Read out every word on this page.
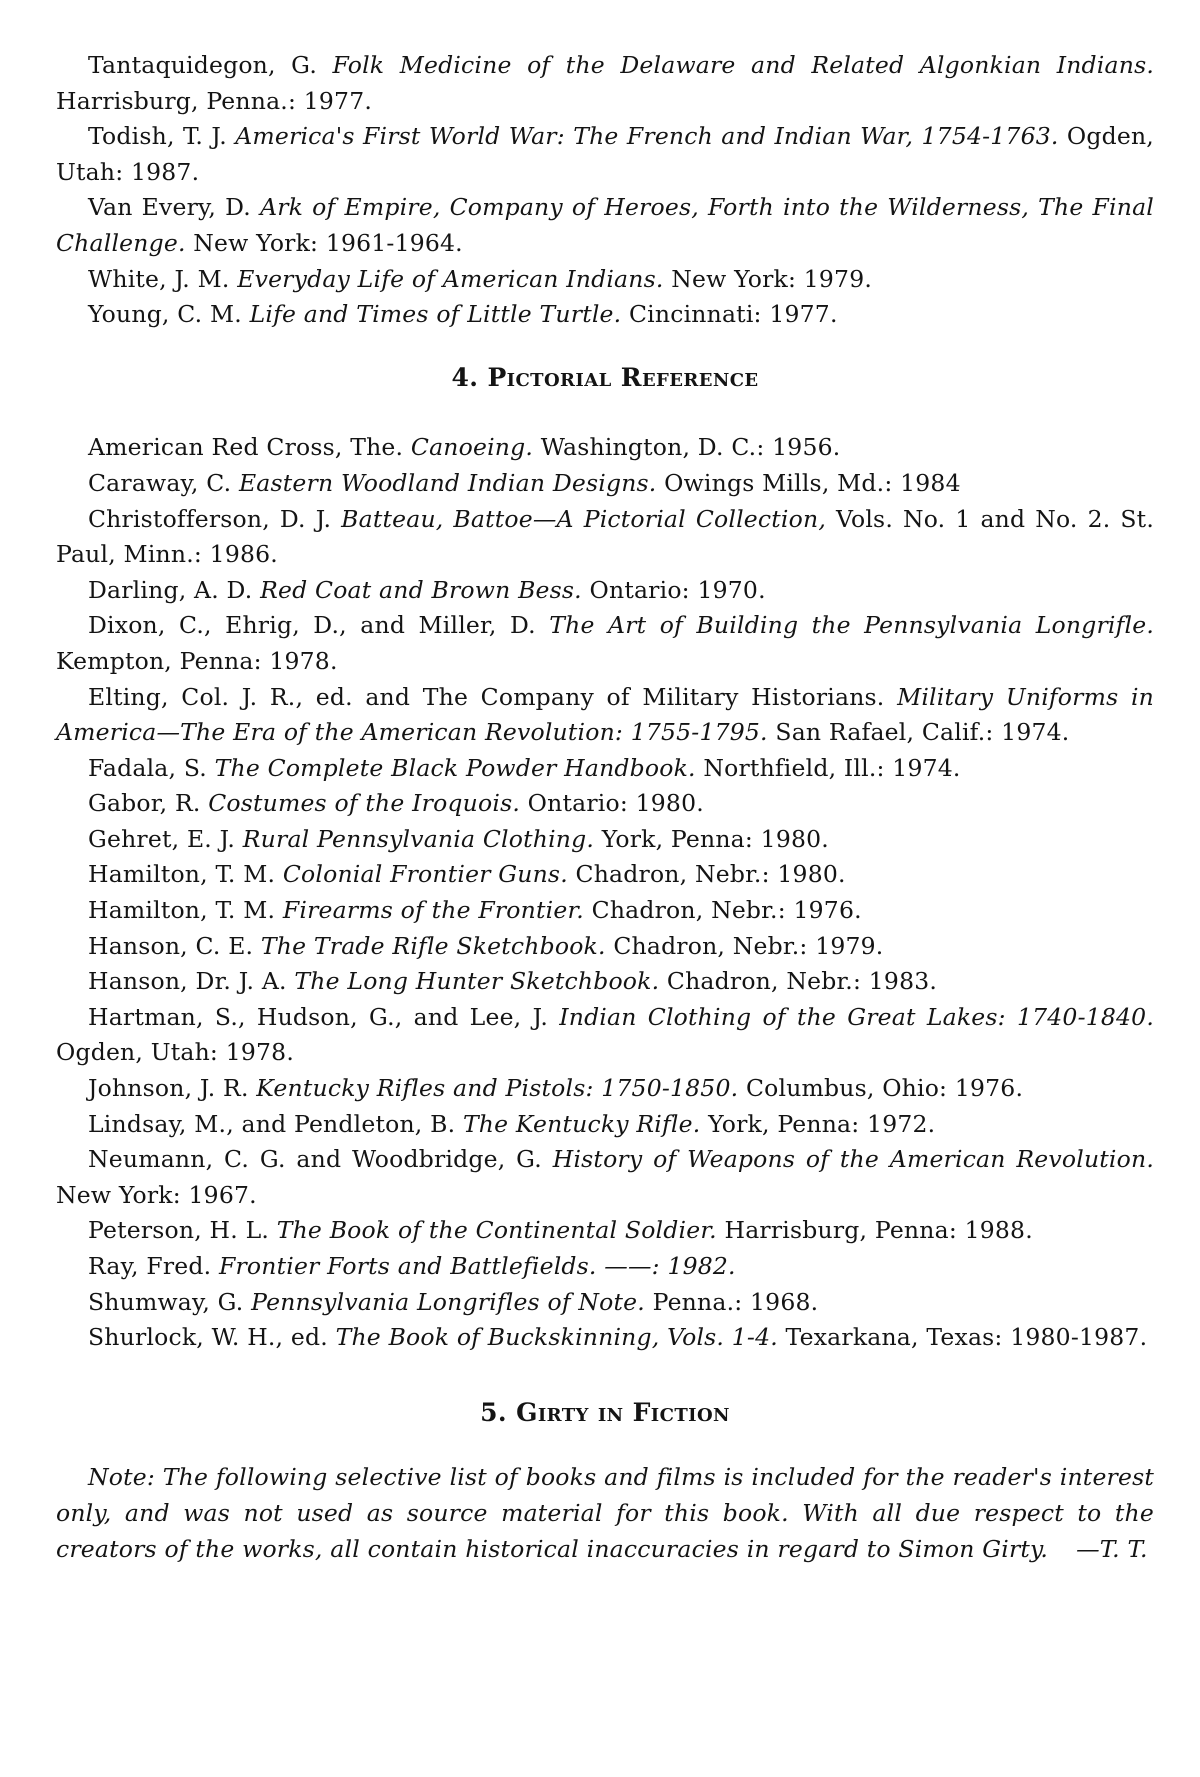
Tantaquidegon, G. Folk Medicine of the Delaware and Related Algonkian Indians. Harrisburg, Penna.: 1977.

Todish, T. J. America's First World War: The French and Indian War, 1754-1763. Ogden, Utah: 1987.

Van Every, D. Ark of Empire, Company of Heroes, Forth into the Wilderness, The Final Challenge. New York: 1961-1964.

White, J. M. Everyday Life of American Indians. New York: 1979.

Young, C. M. Life and Times of Little Turtle. Cincinnati: 1977.

4. Pictorial Reference

American Red Cross, The. Canoeing. Washington, D. C.: 1956.

Caraway, C. Eastern Woodland Indian Designs. Owings Mills, Md.: 1984

Christofferson, D. J. Batteau, Battoe—A Pictorial Collection, Vols. No. 1 and No. 2. St. Paul, Minn.: 1986.

Darling, A. D. Red Coat and Brown Bess. Ontario: 1970.

Dixon, C., Ehrig, D., and Miller, D. The Art of Building the Pennsylvania Longrifle. Kempton, Penna: 1978.

Elting, Col. J. R., ed. and The Company of Military Historians. Military Uniforms in America—The Era of the American Revolution: 1755-1795. San Rafael, Calif.: 1974.

Fadala, S. The Complete Black Powder Handbook. Northfield, Ill.: 1974.

Gabor, R. Costumes of the Iroquois. Ontario: 1980.

Gehret, E. J. Rural Pennsylvania Clothing. York, Penna: 1980.

Hamilton, T. M. Colonial Frontier Guns. Chadron, Nebr.: 1980.

Hamilton, T. M. Firearms of the Frontier. Chadron, Nebr.: 1976.

Hanson, C. E. The Trade Rifle Sketchbook. Chadron, Nebr.: 1979.

Hanson, Dr. J. A. The Long Hunter Sketchbook. Chadron, Nebr.: 1983.

Hartman, S., Hudson, G., and Lee, J. Indian Clothing of the Great Lakes: 1740-1840. Ogden, Utah: 1978.

Johnson, J. R. Kentucky Rifles and Pistols: 1750-1850. Columbus, Ohio: 1976.

Lindsay, M., and Pendleton, B. The Kentucky Rifle. York, Penna: 1972.

Neumann, C. G. and Woodbridge, G. History of Weapons of the American Revolution. New York: 1967.

Peterson, H. L. The Book of the Continental Soldier. Harrisburg, Penna: 1988.

Ray, Fred. Frontier Forts and Battlefields. ——: 1982.

Shumway, G. Pennsylvania Longrifles of Note. Penna.: 1968.

Shurlock, W. H., ed. The Book of Buckskinning, Vols. 1-4. Texarkana, Texas: 1980-1987.

5. Girty in Fiction

Note: The following selective list of books and films is included for the reader's interest only, and was not used as source material for this book. With all due respect to the creators of the works, all contain historical inaccuracies in regard to Simon Girty. —T. T.
